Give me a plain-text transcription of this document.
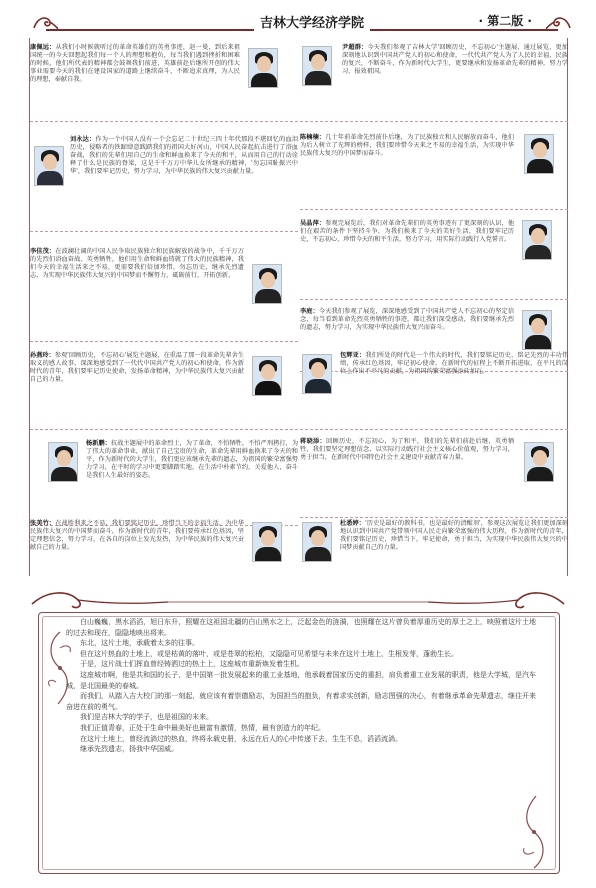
吉林大学经济学院	· 第二版 ·

康佩远：从我们小时候就听过的革命英雄们的英勇事迹，赵一曼，到后来祖国统一的今天回想起我们每一个人的理想和抱负，每当我们遇到挫折和困难的时候，他们所代表的精神都会鼓舞我们前进，英雄前赴后继所开创的伟大事业需要今天的我们在建设国家的道路上继续奋斗，不断追求真理，为人民的理想，奉献自我。

刘永达：作为一个中国人没有一个会忘记二十世纪三四十年代那段不堪回忆的血泪历史，侵略者的铁蹄肆意践踏我们的祖国大好河山，中国人民奋起抗击进行了浴血奋战，我们的先辈们用自己的生命和鲜血换来了今天的和平，从而用自己的行动诠释了什么是民族的脊梁，这是千千万万中华儿女所继承的精神，'勿忘国耻振兴中华'，我们要牢记历史，努力学习，为中华民族的伟大复兴贡献力量。

李佳茂：在波澜壮阔的中国人民争取民族独立和民族解放的战争中，千千万万的先烈们浴血奋战、英勇牺牲，他们用生命和鲜血铸就了伟大的民族精神，我们今天的幸福生活来之不易，更需要我们倍加珍惜，勿忘历史，继承先烈遗志，为实现中华民族伟大复兴的中国梦而不懈努力，砥砺前行，开拓创新。

孙燕玲：参观'回顾历史，不忘初心'展览主题展，在重温了那一段革命先辈舍生取义的感人故事，深深地感受到了一代代中国共产党人的初心和使命，作为新时代的青年，我们要牢记历史使命，发扬革命精神，为中华民族伟大复兴贡献自己的力量。

杨新鹏：抗战主题展中的革命烈士，为了革命，不怕牺牲，不怕严刑拷打，为了伟大的革命事业，献出了自己宝贵的生命，革命先辈用鲜血换来了今天的和平，作为新时代的大学生，我们更应该继承先辈的遗志，为祖国的繁荣富强努力学习，在平时的学习中更要脚踏实地，在生活中朴素节约，关爱他人，奋斗是我们人生最好的姿态。

张美竹：在战胜利来之不易，我们要铭记历史，珍惜当下的幸福生活，为中华民族伟大复兴的中国梦而奋斗，作为新时代的青年，我们要传承红色基因，坚定理想信念，努力学习，在各自的岗位上发光发热，为中华民族的伟大复兴贡献自己的力量。

尹超群：今天我们参观了吉林大学'回顾历史，不忘初心'主题展，通过展览，更加深刻地认识到中国共产党人的初心和使命，一代代共产党人为了人民的幸福，民族的复兴，不断奋斗，作为新时代大学生，更要继承和发扬革命先辈的精神，努力学习，报效祖国。

陈楠楠：几十年前革命先烈前仆后继，为了民族独立和人民解放而奋斗，他们为后人树立了光辉的榜样，我们要珍惜今天来之不易的幸福生活，为实现中华民族伟大复兴的中国梦而奋斗。

吴晶萍：参观完展览后，我们对革命先辈们的英勇事迹有了更深刻的认识，他们在艰苦的条件下坚持斗争，为我们换来了今天的美好生活，我们要牢记历史，不忘初心，珍惜今天的和平生活，努力学习，用实际行动践行入党誓言。

李庭：今天我们参观了展览，深深地感受到了中国共产党人不忘初心的坚定信念，每当看到革命先烈英勇牺牲的事迹，都让我们深受感动，我们要继承先烈的遗志，努力学习，为实现中华民族伟大复兴而奋斗。

包辉亚：我们所处的时代是一个伟大的时代，我们要铭记历史，铭记先烈的丰功伟绩，传承红色基因，牢记初心使命，在新时代的征程上不断开拓进取，在平凡的岗位上作出不平凡的贡献，为祖国的繁荣富强添砖加瓦。

蒋晓添：回顾历史，不忘初心，为了和平，我们的先辈们前赴后继，英勇牺牲，我们要坚定理想信念，以实际行动践行社会主义核心价值观，努力学习，勇于担当，在新时代中国特色社会主义建设中贡献青春力量。

杜悉婷：'历史是最好的教科书，也是最好的清醒剂'，参观这次展览让我们更加深刻地认识到中国共产党带领中国人民走向繁荣富强的伟大历程，作为新时代的青年，我们要铭记历史，珍惜当下，牢记使命，勇于担当，为实现中华民族伟大复兴的中国梦贡献自己的力量。

白山巍巍，黑水滔滔，旭日东升，照耀在这祖国北疆的白山黑水之上，泛起金色的涟漪，也照耀在这片曾负着厚重历史的厚土之上，映照着这片土地的过去和现在，隐隐地映出将来。

东北，这片土地，承载着太多的往事。

但在这片热血的土地上，或是枯黄的落叶，或是苍翠的松柏，又隐隐可见希望与未来在这片土地上，生根发芽，蓬勃生长。

于是，这片战士们挥血曾经铸洒过的热土上，这座城市重新焕发着生机。

这座城市啊，他是共和国的长子，是中国第一批发展起来的重工业基地，他承载着国家历史的重担，肩负着重工业发展的职责，他是大学城，是汽车城，是北国最美的春城。

而我们，从踏入吉大校门的那一刻起，就应该有着崇德励志，为国担当的抱负，有着求实创新，励志图强的决心，有着继承革命先辈遗志，继往开来奋进在前的勇气。

我们是吉林大学的学子，也是祖国的未来。

我们正值青春，正处于生命中最美好也最富有激情，热情，最有创造力的年纪。

在这片土地上，曾经流淌过的热血，终将永载史册，永远在后人的心中传递下去，生生不息，滔滔流淌。

继承先烈遗志，扬我中华国威。
